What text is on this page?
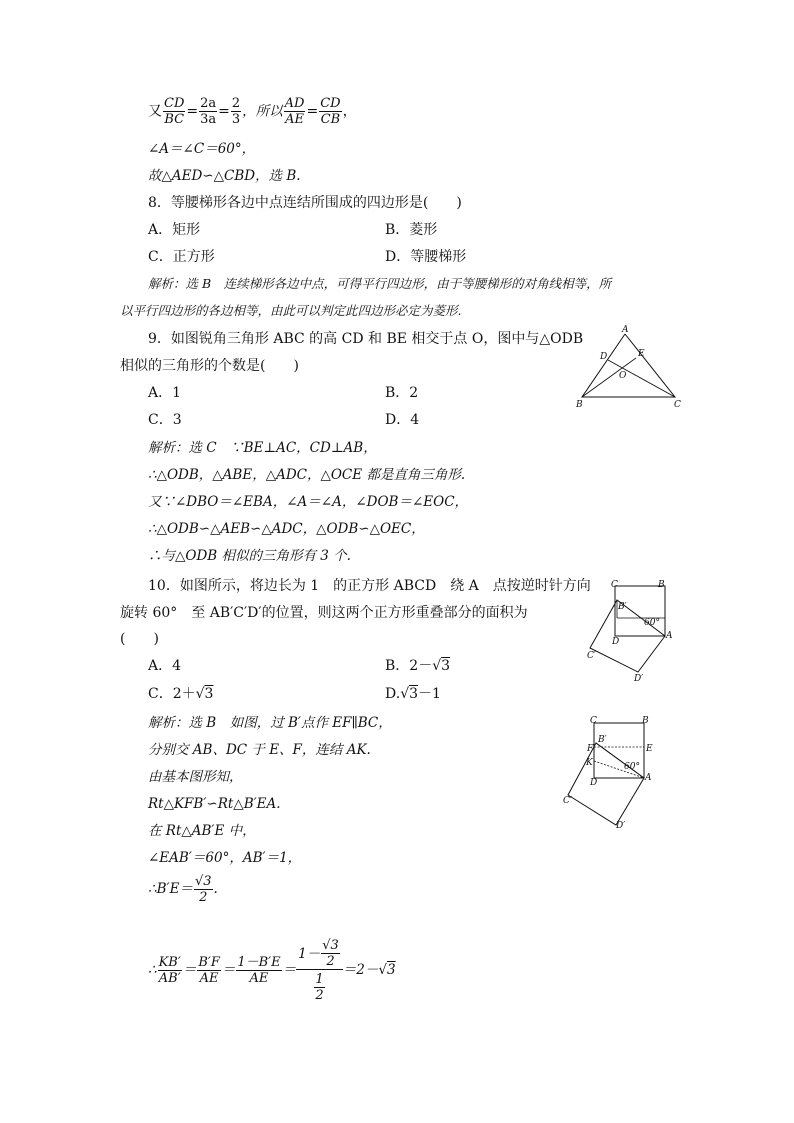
又 $\frac{CD}{BC} = \frac{2a}{3a} = \frac{2}{3}$ ，所以 $\frac{AD}{AE} = \frac{CD}{CB}$ ，
∠A＝∠C＝60°，
故△AED∽△CBD，选 B.
8．等腰梯形各边中点连结所围成的四边形是(　　)
A．矩形	B．菱形
C．正方形	D．等腰梯形
解析：选 B　连续梯形各边中点，可得平行四边形，由于等腰梯形的对角线相等，所
以平行四边形的各边相等，由此可以判定此四边形必定为菱形.
9．如图锐角三角形 ABC 的高 CD 和 BE 相交于点 O，图中与△ODB
相似的三角形的个数是(　　)
A．1	B．2
C．3	D．4
解析：选 C　∵BE⊥AC，CD⊥AB，
∴△ODB，△ABE，△ADC，△OCE 都是直角三角形.
又∵∠DBO＝∠EBA，∠A＝∠A，∠DOB＝∠EOC，
∴△ODB∽△AEB∽△ADC，△ODB∽△OEC，
∴与△ODB 相似的三角形有 3 个.
A
B	C
D	E
O
10．如图所示，将边长为 1　的正方形 ABCD　绕 A　点按逆时针方向
旋转 60°　至 AB′C′D′的位置，则这两个正方形重叠部分的面积为
(　　)
A．4	B．2－√3
C．2＋√3	D.√3－1
C	B
B′
60°
D
A
C′
D′
解析：选 B　如图，过 B′点作 EF∥BC，
分别交 AB、DC 于 E、F，连结 AK.
由基本图形知，
Rt△KFB′∽Rt△B′EA.
在 Rt△AB′E 中，
∠EAB′＝60°，AB′＝1，
∴B′E＝ $\frac{√3}{2}$ .
∴ $\frac{KB'}{AB'} = \frac{B'F}{AE} = \frac{1-B'E}{AE} = \frac{1- \frac{√3}{2}}{\frac{1}{2}} =2-√3$
C	B
F
B′
E
K	60°
D	A
C′
D′
